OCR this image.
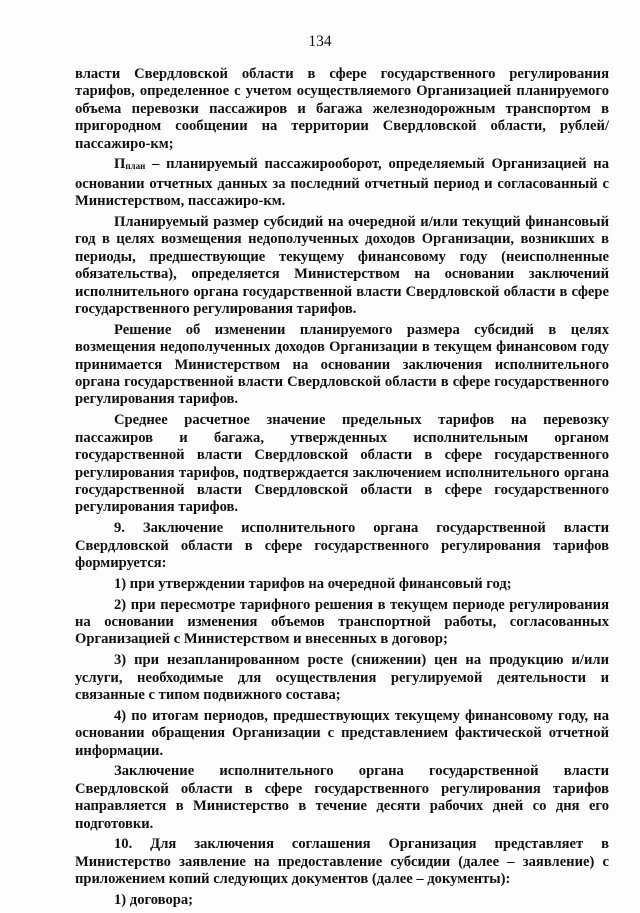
134

власти Свердловской области в сфере государственного регулирования тарифов, определенное с учетом осуществляемого Организацией планируемого объема перевозки пассажиров и багажа железнодорожным транспортом в пригородном сообщении на территории Свердловской области, рублей/пассажиро-км;

Пплан – планируемый пассажирооборот, определяемый Организацией на основании отчетных данных за последний отчетный период и согласованный с Министерством, пассажиро-км.

Планируемый размер субсидий на очередной и/или текущий финансовый год в целях возмещения недополученных доходов Организации, возникших в периоды, предшествующие текущему финансовому году (неисполненные обязательства), определяется Министерством на основании заключений исполнительного органа государственной власти Свердловской области в сфере государственного регулирования тарифов.

Решение об изменении планируемого размера субсидий в целях возмещения недополученных доходов Организации в текущем финансовом году принимается Министерством на основании заключения исполнительного органа государственной власти Свердловской области в сфере государственного регулирования тарифов.

Среднее расчетное значение предельных тарифов на перевозку пассажиров и багажа, утвержденных исполнительным органом государственной власти Свердловской области в сфере государственного регулирования тарифов, подтверждается заключением исполнительного органа государственной власти Свердловской области в сфере государственного регулирования тарифов.

9. Заключение исполнительного органа государственной власти Свердловской области в сфере государственного регулирования тарифов формируется:

1) при утверждении тарифов на очередной финансовый год;

2) при пересмотре тарифного решения в текущем периоде регулирования на основании изменения объемов транспортной работы, согласованных Организацией с Министерством и внесенных в договор;

3) при незапланированном росте (снижении) цен на продукцию и/или услуги, необходимые для осуществления регулируемой деятельности и связанные с типом подвижного состава;

4) по итогам периодов, предшествующих текущему финансовому году, на основании обращения Организации с представлением фактической отчетной информации.

Заключение исполнительного органа государственной власти Свердловской области в сфере государственного регулирования тарифов направляется в Министерство в течение десяти рабочих дней со дня его подготовки.

10. Для заключения соглашения Организация представляет в Министерство заявление на предоставление субсидии (далее – заявление) с приложением копий следующих документов (далее – документы):

1) договора;
